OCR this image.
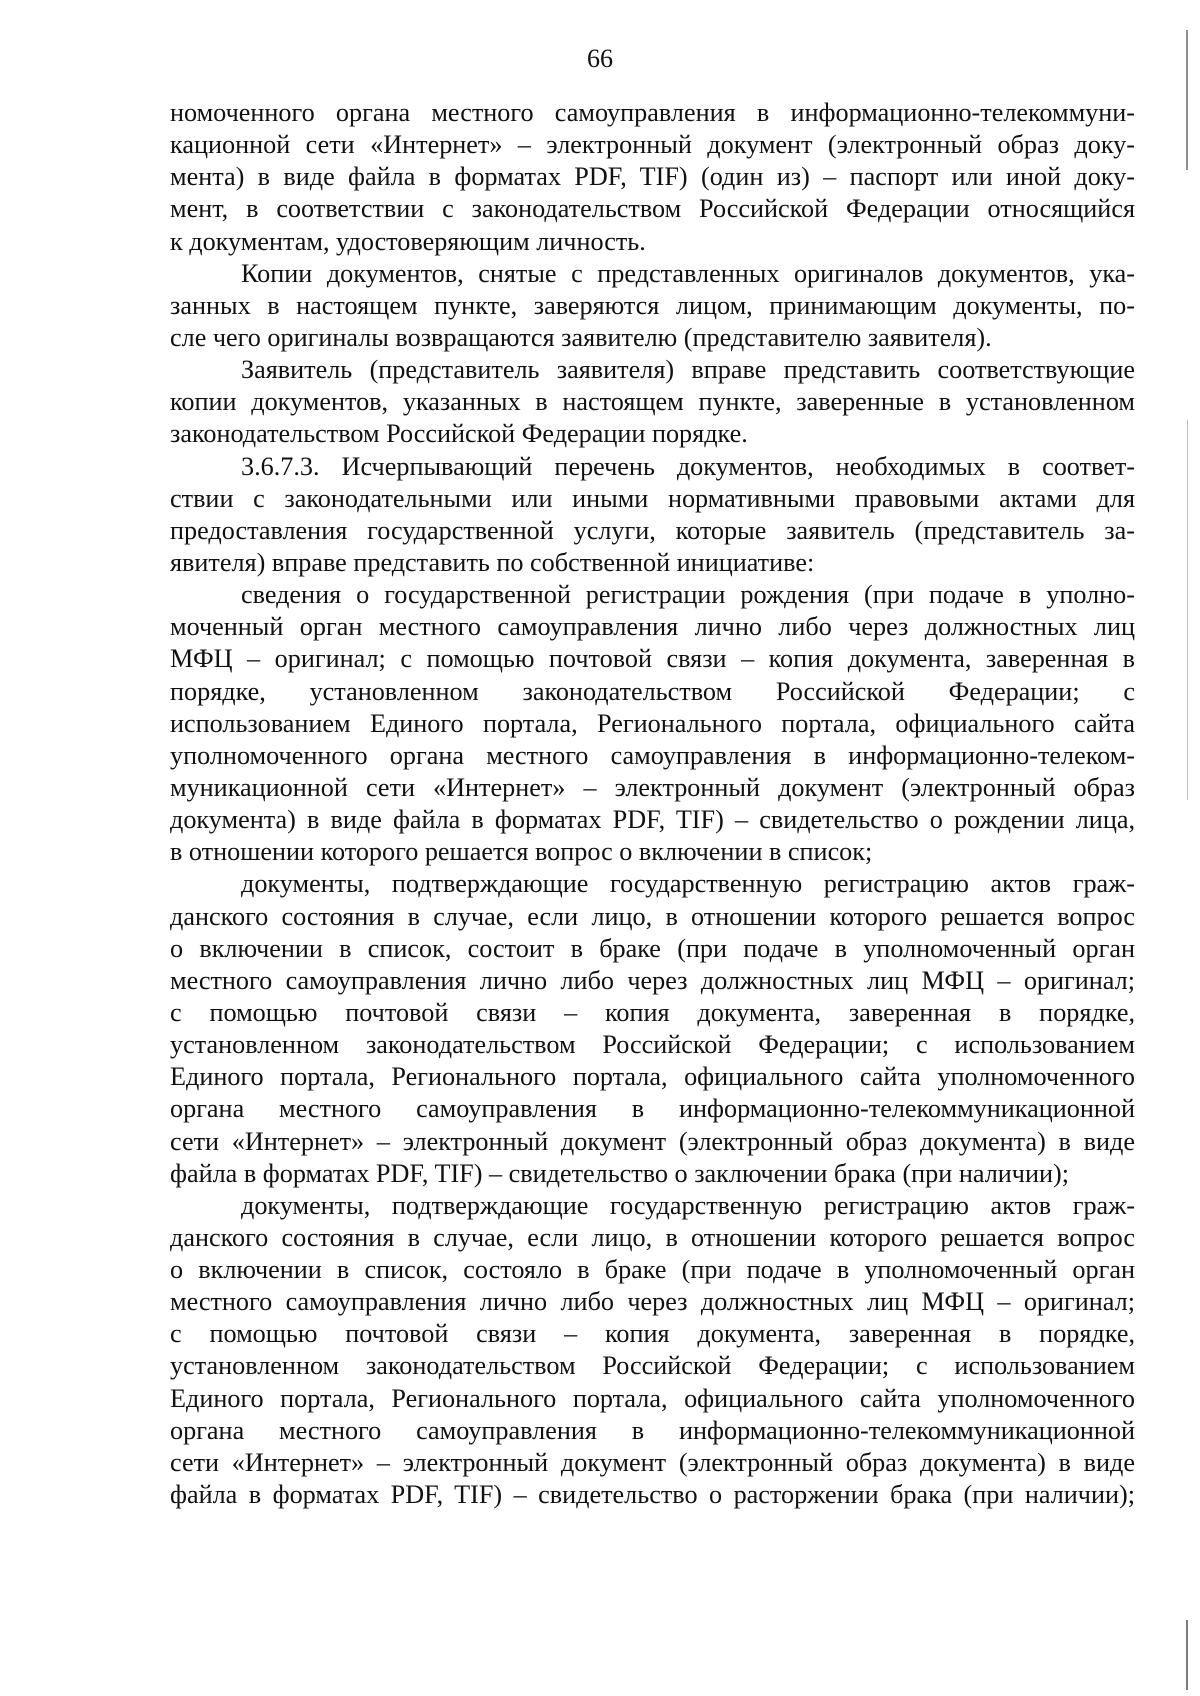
66
номоченного органа местного самоуправления в информационно-телекоммуни-
кационной сети «Интернет» – электронный документ (электронный образ доку-
мента) в виде файла в форматах PDF, TIF) (один из) – паспорт или иной доку-
мент, в соответствии с законодательством Российской Федерации относящийся
к документам, удостоверяющим личность.
Копии документов, снятые с представленных оригиналов документов, ука-
занных в настоящем пункте, заверяются лицом, принимающим документы, по-
сле чего оригиналы возвращаются заявителю (представителю заявителя).
Заявитель (представитель заявителя) вправе представить соответствующие
копии документов, указанных в настоящем пункте, заверенные в установленном
законодательством Российской Федерации порядке.
3.6.7.3. Исчерпывающий перечень документов, необходимых в соответ-
ствии с законодательными или иными нормативными правовыми актами для
предоставления государственной услуги, которые заявитель (представитель за-
явителя) вправе представить по собственной инициативе:
сведения о государственной регистрации рождения (при подаче в уполно-
моченный орган местного самоуправления лично либо через должностных лиц
МФЦ – оригинал; с помощью почтовой связи – копия документа, заверенная в
порядке, установленном законодательством Российской Федерации; с
использованием Единого портала, Регионального портала, официального сайта
уполномоченного органа местного самоуправления в информационно-телеком-
муникационной сети «Интернет» – электронный документ (электронный образ
документа) в виде файла в форматах PDF, TIF) – свидетельство о рождении лица,
в отношении которого решается вопрос о включении в список;
документы, подтверждающие государственную регистрацию актов граж-
данского состояния в случае, если лицо, в отношении которого решается вопрос
о включении в список, состоит в браке (при подаче в уполномоченный орган
местного самоуправления лично либо через должностных лиц МФЦ – оригинал;
с помощью почтовой связи – копия документа, заверенная в порядке,
установленном законодательством Российской Федерации; с использованием
Единого портала, Регионального портала, официального сайта уполномоченного
органа местного самоуправления в информационно-телекоммуникационной
сети «Интернет» – электронный документ (электронный образ документа) в виде
файла в форматах PDF, TIF) – свидетельство о заключении брака (при наличии);
документы, подтверждающие государственную регистрацию актов граж-
данского состояния в случае, если лицо, в отношении которого решается вопрос
о включении в список, состояло в браке (при подаче в уполномоченный орган
местного самоуправления лично либо через должностных лиц МФЦ – оригинал;
с помощью почтовой связи – копия документа, заверенная в порядке,
установленном законодательством Российской Федерации; с использованием
Единого портала, Регионального портала, официального сайта уполномоченного
органа местного самоуправления в информационно-телекоммуникационной
сети «Интернет» – электронный документ (электронный образ документа) в виде
файла в форматах PDF, TIF) – свидетельство о расторжении брака (при наличии);
